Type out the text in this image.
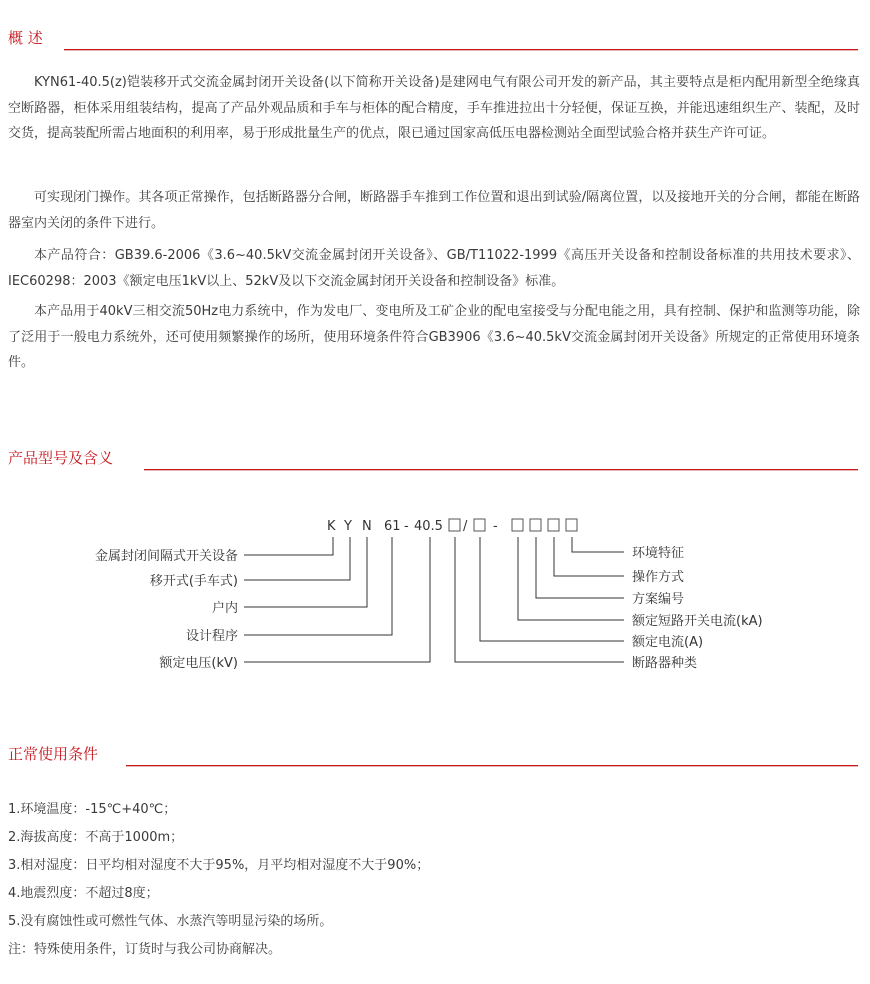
概 述

KYN61-40.5(z)铠装移开式交流金属封闭开关设备(以下简称开关设备)是建网电气有限公司开发的新产品，其主要特点是柜内配用新型全绝缘真空断路器，柜体采用组装结构，提高了产品外观品质和手车与柜体的配合精度，手车推进拉出十分轻便，保证互换，并能迅速组织生产、装配，及时交货，提高装配所需占地面积的利用率，易于形成批量生产的优点，限已通过国家高低压电器检测站全面型试验合格并获生产许可证。

可实现闭门操作。其各项正常操作，包括断路器分合闸，断路器手车推到工作位置和退出到试验/隔离位置，以及接地开关的分合闸，都能在断路器室内关闭的条件下进行。

本产品符合：GB39.6-2006《3.6~40.5kV交流金属封闭开关设备》、GB/T11022-1999《高压开关设备和控制设备标准的共用技术要求》、IEC60298：2003《额定电压1kV以上、52kV及以下交流金属封闭开关设备和控制设备》标准。

本产品用于40kV三相交流50Hz电力系统中，作为发电厂、变电所及工矿企业的配电室接受与分配电能之用，具有控制、保护和监测等功能，除了泛用于一般电力系统外，还可使用频繁操作的场所，使用环境条件符合GB3906《3.6~40.5kV交流金属封闭开关设备》所规定的正常使用环境条件。

产品型号及含义
K Y N 61 - 40.5 / -
金属封闭间隔式开关设备
移开式(手车式)
户内
设计程序
额定电压(kV)
环境特征
操作方式
方案编号
额定短路开关电流(kA)
额定电流(A)
断路器种类
正常使用条件
1.环境温度：-15℃+40℃；
2.海拔高度：不高于1000m；
3.相对湿度：日平均相对湿度不大于95%，月平均相对湿度不大于90%；
4.地震烈度：不超过8度；
5.没有腐蚀性或可燃性气体、水蒸汽等明显污染的场所。
注：特殊使用条件，订货时与我公司协商解决。
